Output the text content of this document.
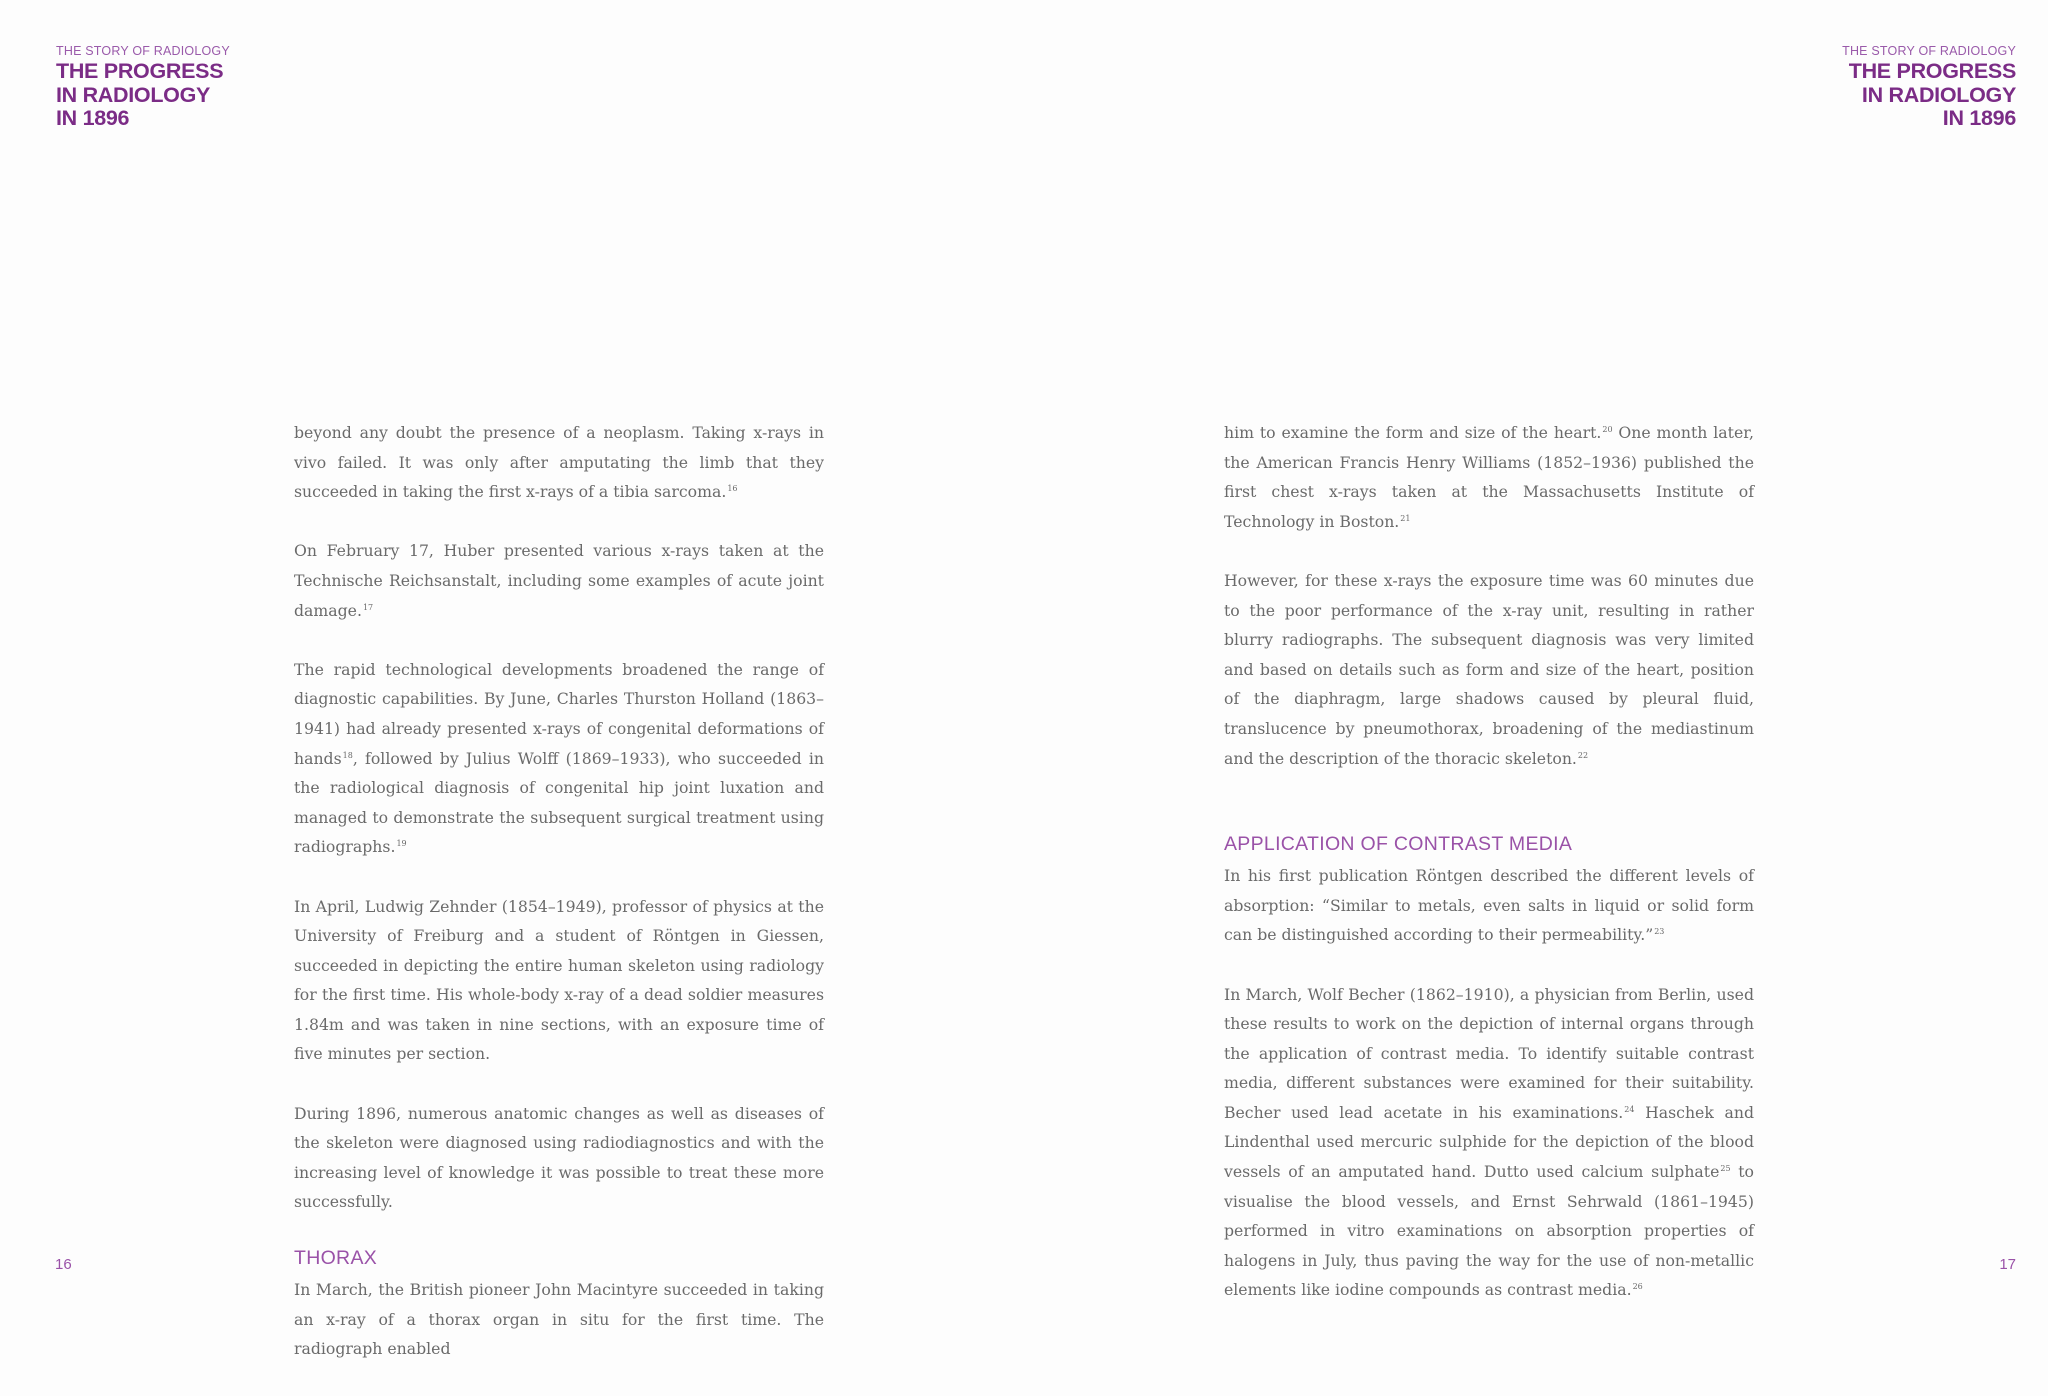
THE STORY OF RADIOLOGY
THE PROGRESS
IN RADIOLOGY
IN 1896

beyond any doubt the presence of a neoplasm. Taking x-rays in vivo failed. It was only after amputating the limb that they succeeded in taking the first x-rays of a tibia sarcoma.$^{16}$

On February 17, Huber presented various x-rays taken at the Technische Reichsanstalt, including some examples of acute joint damage.$^{17}$

The rapid technological developments broadened the range of diagnostic capabilities. By June, Charles Thurston Holland (1863–1941) had already presented x-rays of congenital deformations of hands$^{18}$, followed by Julius Wolff (1869–1933), who succeeded in the radiological diagnosis of congenital hip joint luxation and managed to demonstrate the subsequent surgical treatment using radiographs.$^{19}$

In April, Ludwig Zehnder (1854–1949), professor of physics at the University of Freiburg and a student of Röntgen in Giessen, succeeded in depicting the entire human skeleton using radiology for the first time. His whole-body x-ray of a dead soldier measures 1.84m and was taken in nine sections, with an exposure time of five minutes per section.

During 1896, numerous anatomic changes as well as diseases of the skeleton were diagnosed using radiodiagnostics and with the increasing level of knowledge it was possible to treat these more successfully.

THORAX

In March, the British pioneer John Macintyre succeeded in taking an x-ray of a thorax organ in situ for the first time. The radiograph enabled

16
THE STORY OF RADIOLOGY
THE PROGRESS
IN RADIOLOGY
IN 1896

him to examine the form and size of the heart.$^{20}$ One month later, the American Francis Henry Williams (1852–1936) published the first chest x-rays taken at the Massachusetts Institute of Technology in Boston.$^{21}$

However, for these x-rays the exposure time was 60 minutes due to the poor performance of the x-ray unit, resulting in rather blurry radiographs. The subsequent diagnosis was very limited and based on details such as form and size of the heart, position of the diaphragm, large shadows caused by pleural fluid, translucence by pneumothorax, broadening of the mediastinum and the description of the thoracic skeleton.$^{22}$

APPLICATION OF CONTRAST MEDIA

In his first publication Röntgen described the different levels of absorption: “Similar to metals, even salts in liquid or solid form can be distinguished according to their permeability.”$^{23}$

In March, Wolf Becher (1862–1910), a physician from Berlin, used these results to work on the depiction of internal organs through the application of contrast media. To identify suitable contrast media, different substances were examined for their suitability. Becher used lead acetate in his examinations.$^{24}$ Haschek and Lindenthal used mercuric sulphide for the depiction of the blood vessels of an amputated hand. Dutto used calcium sulphate$^{25}$ to visualise the blood vessels, and Ernst Sehrwald (1861–1945) performed in vitro examinations on absorption properties of halogens in July, thus paving the way for the use of non-metallic elements like iodine compounds as contrast media.$^{26}$

17
